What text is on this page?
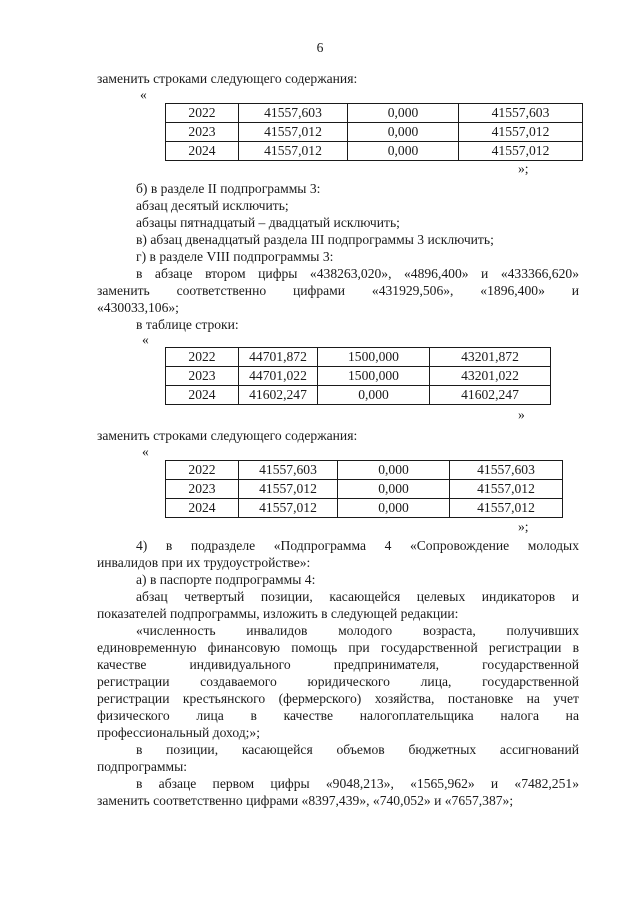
6
заменить строками следующего содержания:
«
2022	41557,603	0,000	41557,603
2023	41557,012	0,000	41557,012
2024	41557,012	0,000	41557,012
»;
б) в разделе II подпрограммы 3:
абзац десятый исключить;
абзацы пятнадцатый – двадцатый исключить;
в) абзац двенадцатый раздела III подпрограммы 3 исключить;
г) в разделе VIII подпрограммы 3:
в абзаце втором цифры «438263,020», «4896,400» и «433366,620»
заменить соответственно цифрами «431929,506», «1896,400» и
«430033,106»;
в таблице строки:
«
2022	44701,872	1500,000	43201,872
2023	44701,022	1500,000	43201,022
2024	41602,247	0,000	41602,247
»
заменить строками следующего содержания:
«
2022	41557,603	0,000	41557,603
2023	41557,012	0,000	41557,012
2024	41557,012	0,000	41557,012
»;
4) в подразделе «Подпрограмма 4 «Сопровождение молодых
инвалидов при их трудоустройстве»:
а) в паспорте подпрограммы 4:
абзац четвертый позиции, касающейся целевых индикаторов и
показателей подпрограммы, изложить в следующей редакции:
«численность инвалидов молодого возраста, получивших
единовременную финансовую помощь при государственной регистрации в
качестве индивидуального предпринимателя, государственной
регистрации создаваемого юридического лица, государственной
регистрации крестьянского (фермерского) хозяйства, постановке на учет
физического лица в качестве налогоплательщика налога на
профессиональный доход;»;
в позиции, касающейся объемов бюджетных ассигнований
подпрограммы:
в абзаце первом цифры «9048,213», «1565,962» и «7482,251»
заменить соответственно цифрами «8397,439», «740,052» и «7657,387»;
